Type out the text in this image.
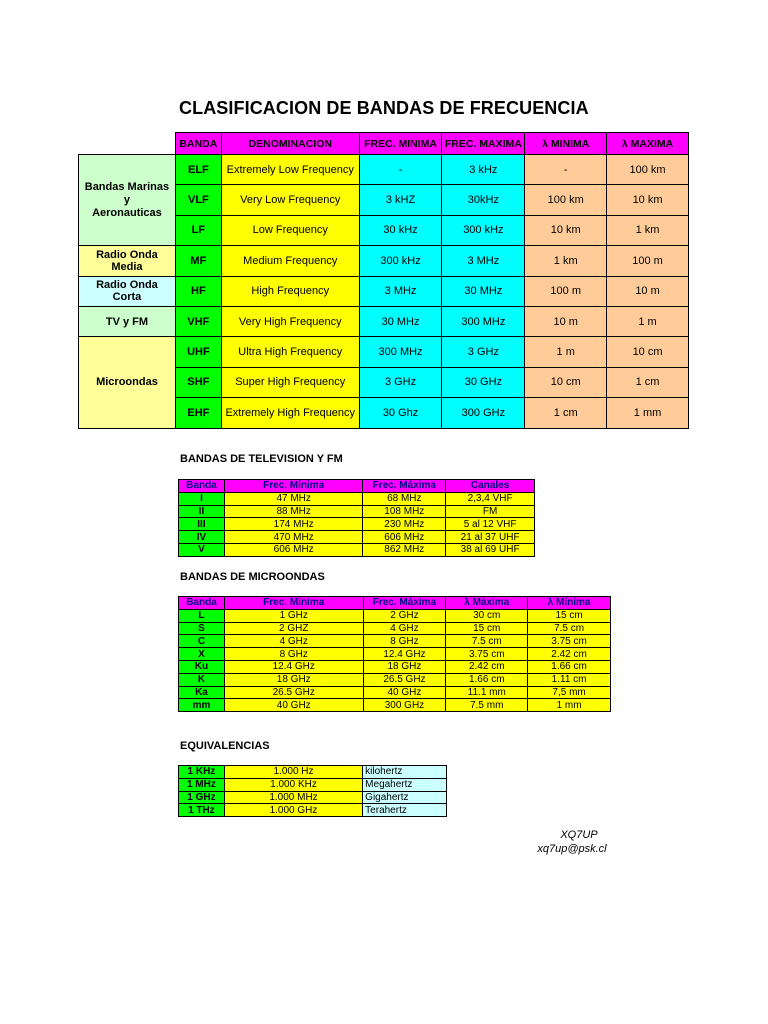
CLASIFICACION DE BANDAS DE FRECUENCIA
	BANDA	DENOMINACION	FREC. MINIMA	FREC. MAXIMA	λ MINIMA	λ MAXIMA
Bandas Marinas
y
Aeronauticas	ELF	Extremely Low Frequency	-	3 kHz	-	100 km
	VLF	Very Low Frequency	3 kHZ	30kHz	100 km	10 km
	LF	Low Frequency	30 kHz	300 kHz	10 km	1 km
Radio Onda
Media	MF	Medium Frequency	300 kHz	3 MHz	1 km	100 m
Radio Onda
Corta	HF	High Frequency	3 MHz	30 MHz	100 m	10 m
TV y FM	VHF	Very High Frequency	30 MHz	300 MHz	10 m	1 m
Microondas	UHF	Ultra High Frequency	300 MHz	3 GHz	1 m	10 cm
	SHF	Super High Frequency	3 GHz	30 GHz	10 cm	1 cm
	EHF	Extremely High Frequency	30 Ghz	300 GHz	1 cm	1 mm
BANDAS DE TELEVISION Y FM
Banda	Frec. Mínima	Frec. Máxima	Canales
I	47 MHz	68 MHz	2,3,4 VHF
II	88 MHz	108 MHz	FM
III	174 MHz	230 MHz	5 al 12 VHF
IV	470 MHz	606 MHz	21 al 37 UHF
V	606 MHz	862 MHz	38 al 69 UHF
BANDAS DE MICROONDAS
Banda	Frec. Mínima	Frec. Máxima	λ Máxima	λ Mínima
L	1 GHz	2 GHz	30 cm	15 cm
S	2 GHZ	4 GHz	15 cm	7.5 cm
C	4 GHz	8 GHz	7.5 cm	3.75 cm
X	8 GHz	12.4 GHz	3.75 cm	2.42 cm
Ku	12.4 GHz	18 GHz	2.42 cm	1.66 cm
K	18 GHz	26.5 GHz	1.66 cm	1.11 cm
Ka	26.5 GHz	40 GHz	11.1 mm	7,5 mm
mm	40 GHz	300 GHz	7.5 mm	1 mm
EQUIVALENCIAS
1 KHz	1.000 Hz	kilohertz
1 MHz	1.000 KHz	Megahertz
1 GHz	1.000 MHz	Gigahertz
1 THz	1.000 GHz	Terahertz
XQ7UP
xq7up@psk.cl
